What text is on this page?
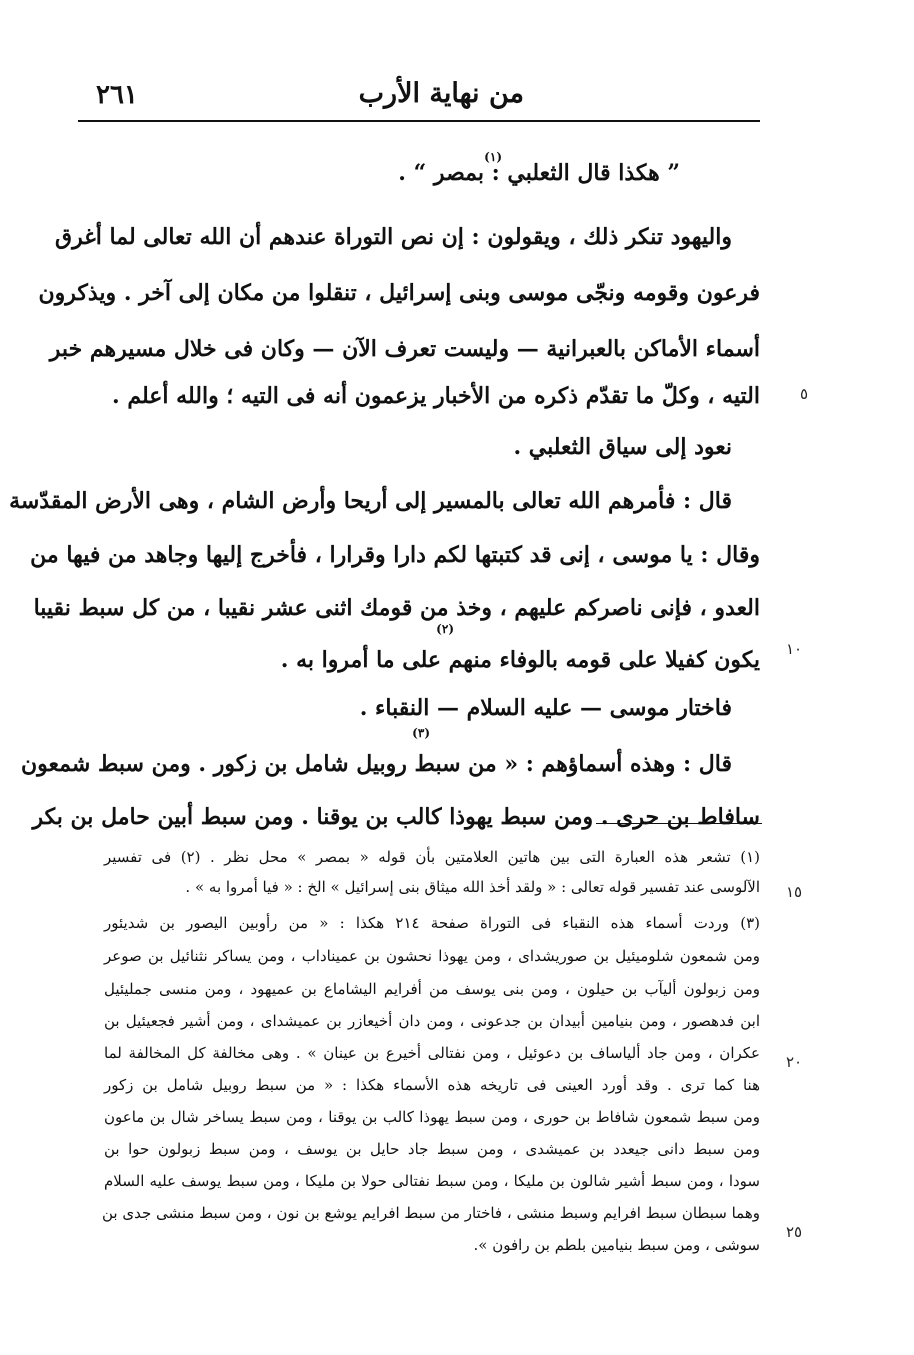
من نهاية الأرب
٢٦١
” هكذا قال الثعلبي : بمصر “ .
واليهود تنكر ذلك ، ويقولون : إن نص التوراة عندهم أن الله تعالى لما أغرق
فرعون وقومه ونجّى موسى وبنى إسرائيل ، تنقلوا من مكان إلى آخر . ويذكرون
أسماء الأماكن بالعبرانية — وليست تعرف الآن — وكان فى خلال مسيرهم خبر
التيه ، وكلّ ما تقدّم ذكره من الأخبار يزعمون أنه فى التيه ؛ والله أعلم .
نعود إلى سياق الثعلبي .
قال : فأمرهم الله تعالى بالمسير إلى أريحا وأرض الشام ، وهى الأرض المقدّسة
وقال : يا موسى ، إنى قد كتبتها لكم دارا وقرارا ، فأخرج إليها وجاهد من فيها من
العدو ، فإنى ناصركم عليهم ، وخذ من قومك اثنى عشر نقيبا ، من كل سبط نقيبا
يكون كفيلا على قومه بالوفاء منهم على ما أمروا به .
فاختار موسى — عليه السلام — النقباء .
قال : وهذه أسماؤهم : « من سبط روبيل شامل بن زكور . ومن سبط شمعون
سافاط بن حرى . ومن سبط يهوذا كالب بن يوقنا . ومن سبط أبين حامل بن بكر
(١)
(٢)
(٣)
(١) تشعر هذه العبارة التى بين هاتين العلامتين بأن قوله « بمصر » محل نظر . (٢) فى تفسير
الآلوسى عند تفسير قوله تعالى : « ولقد أخذ الله ميثاق بنى إسرائيل » الخ : « فيا أمروا به » .
(٣) وردت أسماء هذه النقباء فى التوراة صفحة ٢١٤ هكذا : « من رأوبين اليصور بن شديئور
ومن شمعون شلوميئيل بن صوريشداى ، ومن يهوذا نحشون بن عميناداب ، ومن يساكر نثنائيل بن صوعر
ومن زبولون أليآب بن حيلون ، ومن بنى يوسف من أفرايم اليشاماع بن عميهود ، ومن منسى جمليئيل
ابن فدهصور ، ومن بنيامين أبيدان بن جدعونى ، ومن دان أخيعازر بن عميشداى ، ومن أشير فجعيئيل بن
عكران ، ومن جاد ألياساف بن دعوئيل ، ومن نفتالى أخيرع بن عينان » . وهى مخالفة كل المخالفة لما
هنا كما ترى . وقد أورد العينى فى تاريخه هذه الأسماء هكذا : « من سبط روبيل شامل بن زكور
ومن سبط شمعون شافاط بن حورى ، ومن سبط يهوذا كالب بن يوقنا ، ومن سبط يساخر شال بن ماعون
ومن سبط دانى جيعدد بن عميشدى ، ومن سبط جاد حايل بن يوسف ، ومن سبط زبولون حوا بن
سودا ، ومن سبط أشير شالون بن مليكا ، ومن سبط نفتالى حولا بن مليكا ، ومن سبط يوسف عليه السلام
وهما سبطان سبط افرايم وسبط منشى ، فاختار من سبط افرايم يوشع بن نون ، ومن سبط منشى جدى بن
سوشى ، ومن سبط بنيامين بلطم بن رافون ».
٥
١٠
١٥
٢٠
٢٥
